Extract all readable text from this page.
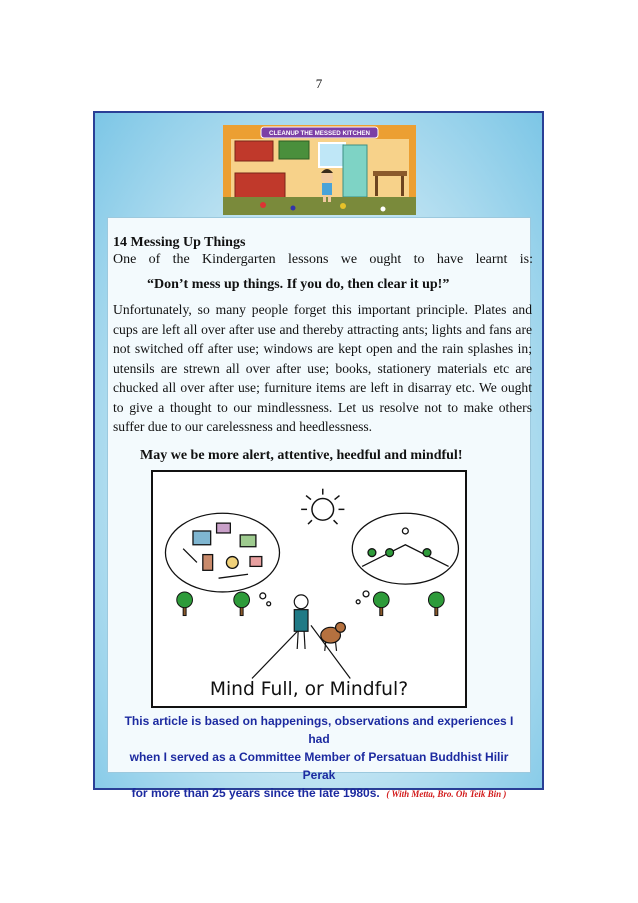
7
CLEANUP THE MESSED KITCHEN
14 Messing Up Things
One of the Kindergarten lessons we ought to have learnt is:
“Don’t mess up things. If you do, then clear it up!”
Unfortunately, so many people forget this important principle. Plates and cups are left all over after use and thereby attracting ants; lights and fans are not switched off after use; windows are kept open and the rain splashes in; utensils are strewn all over after use; books, stationery materials etc are chucked all over after use; furniture items are left in disarray etc. We ought to give a thought to our mindlessness. Let us resolve not to make others suffer due to our carelessness and heedlessness.
May we be more alert, attentive, heedful and mindful!
Mind Full, or Mindful?
This article is based on happenings, observations and experiences I had
when I served as a Committee Member of Persatuan Buddhist Hilir Perak
for more than 25 years since the late 1980s. ( With Metta, Bro. Oh Teik Bin )
